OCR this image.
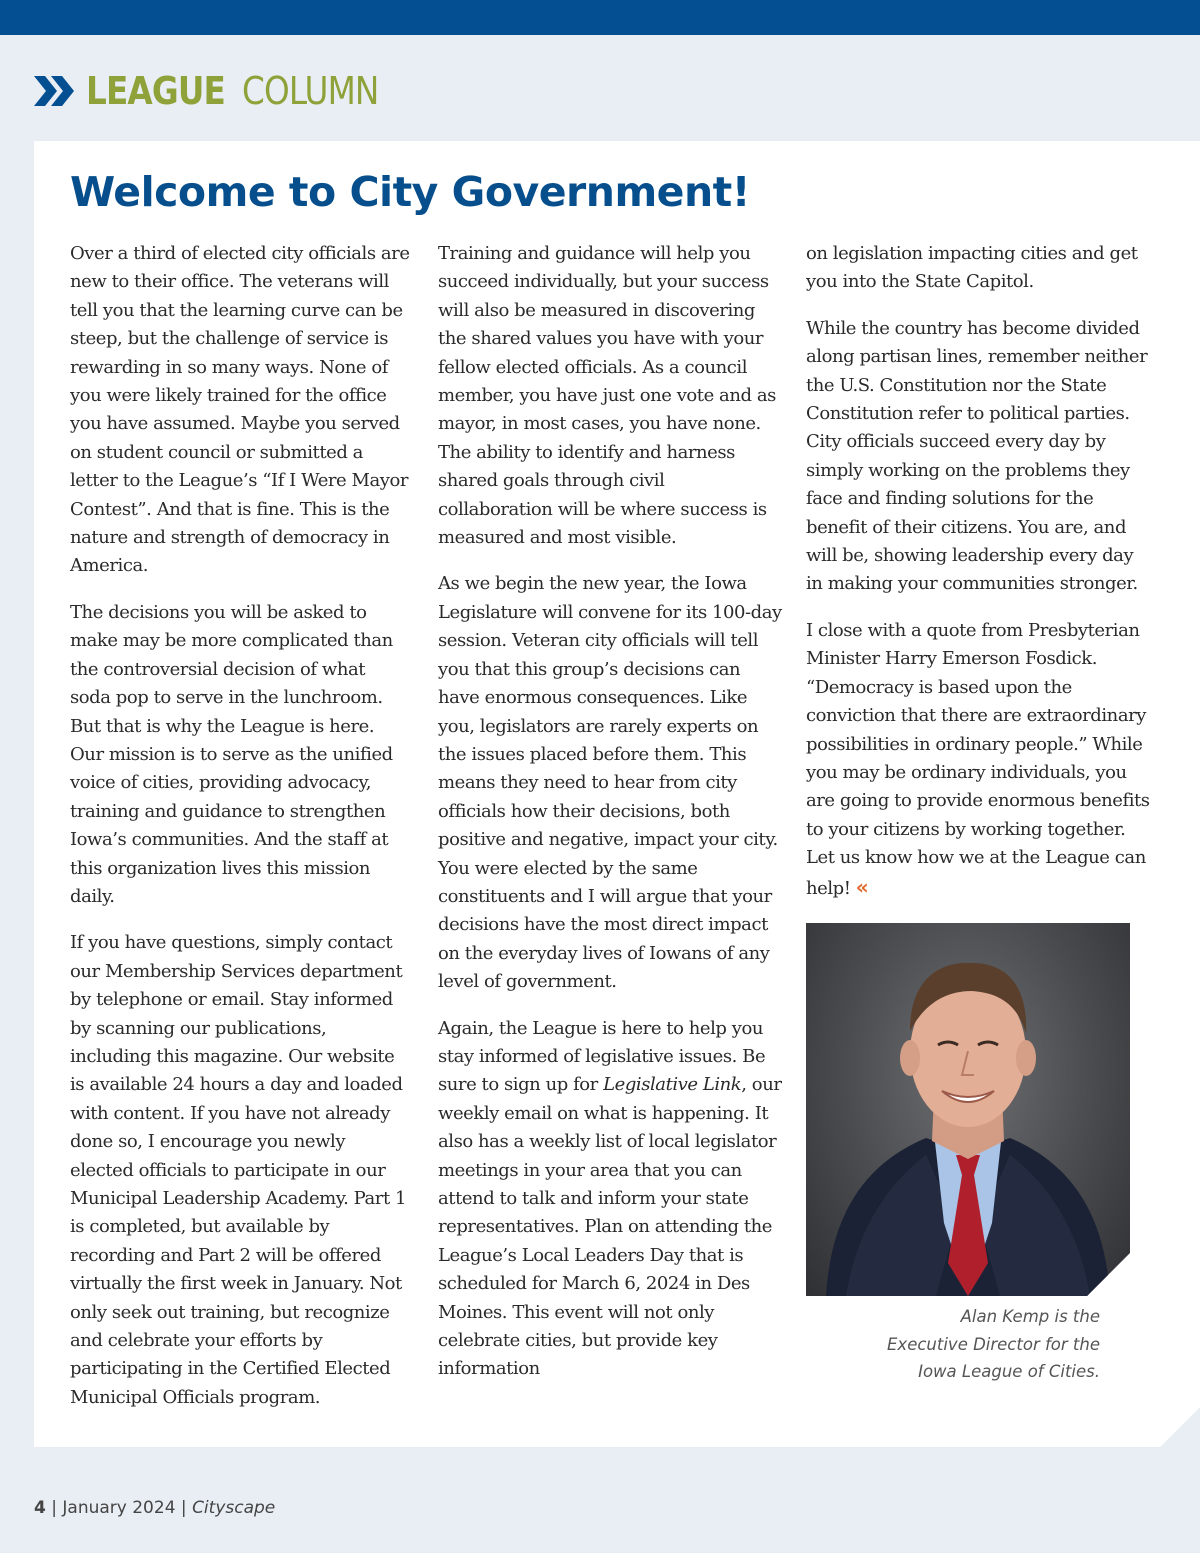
LEAGUE COLUMN
Welcome to City Government!

Over a third of elected city officials are new to their office. The veterans will tell you that the learning curve can be steep, but the challenge of service is rewarding in so many ways. None of you were likely trained for the office you have assumed. Maybe you served on student council or submitted a letter to the League’s “If I Were Mayor Contest”. And that is fine. This is the nature and strength of democracy in America.

The decisions you will be asked to make may be more complicated than the controversial decision of what soda pop to serve in the lunchroom. But that is why the League is here. Our mission is to serve as the unified voice of cities, providing advocacy, training and guidance to strengthen Iowa’s communities. And the staff at this organization lives this mission daily.

If you have questions, simply contact our Membership Services department by telephone or email. Stay informed by scanning our publications, including this magazine. Our website is available 24 hours a day and loaded with content. If you have not already done so, I encourage you newly elected officials to participate in our Municipal Leadership Academy. Part 1 is completed, but available by recording and Part 2 will be offered virtually the first week in January. Not only seek out training, but recognize and celebrate your efforts by participating in the Certified Elected Municipal Officials program.

Training and guidance will help you succeed individually, but your success will also be measured in discovering the shared values you have with your fellow elected officials. As a council member, you have just one vote and as mayor, in most cases, you have none. The ability to identify and harness shared goals through civil collaboration will be where success is measured and most visible.

As we begin the new year, the Iowa Legislature will convene for its 100-day session. Veteran city officials will tell you that this group’s decisions can have enormous consequences. Like you, legislators are rarely experts on the issues placed before them. This means they need to hear from city officials how their decisions, both positive and negative, impact your city. You were elected by the same constituents and I will argue that your decisions have the most direct impact on the everyday lives of Iowans of any level of government.

Again, the League is here to help you stay informed of legislative issues. Be sure to sign up for Legislative Link, our weekly email on what is happening. It also has a weekly list of local legislator meetings in your area that you can attend to talk and inform your state representatives. Plan on attending the League’s Local Leaders Day that is scheduled for March 6, 2024 in Des Moines. This event will not only celebrate cities, but provide key information

on legislation impacting cities and get you into the State Capitol.

While the country has become divided along partisan lines, remember neither the U.S. Constitution nor the State Constitution refer to political parties. City officials succeed every day by simply working on the problems they face and finding solutions for the benefit of their citizens. You are, and will be, showing leadership every day in making your communities stronger.

I close with a quote from Presbyterian Minister Harry Emerson Fosdick. “Democracy is based upon the conviction that there are extraordinary possibilities in ordinary people.” While you may be ordinary individuals, you are going to provide enormous benefits to your citizens by working together. Let us know how we at the League can help! «

Alan Kemp is the
Executive Director for the
Iowa League of Cities.
4 | January 2024 | Cityscape
